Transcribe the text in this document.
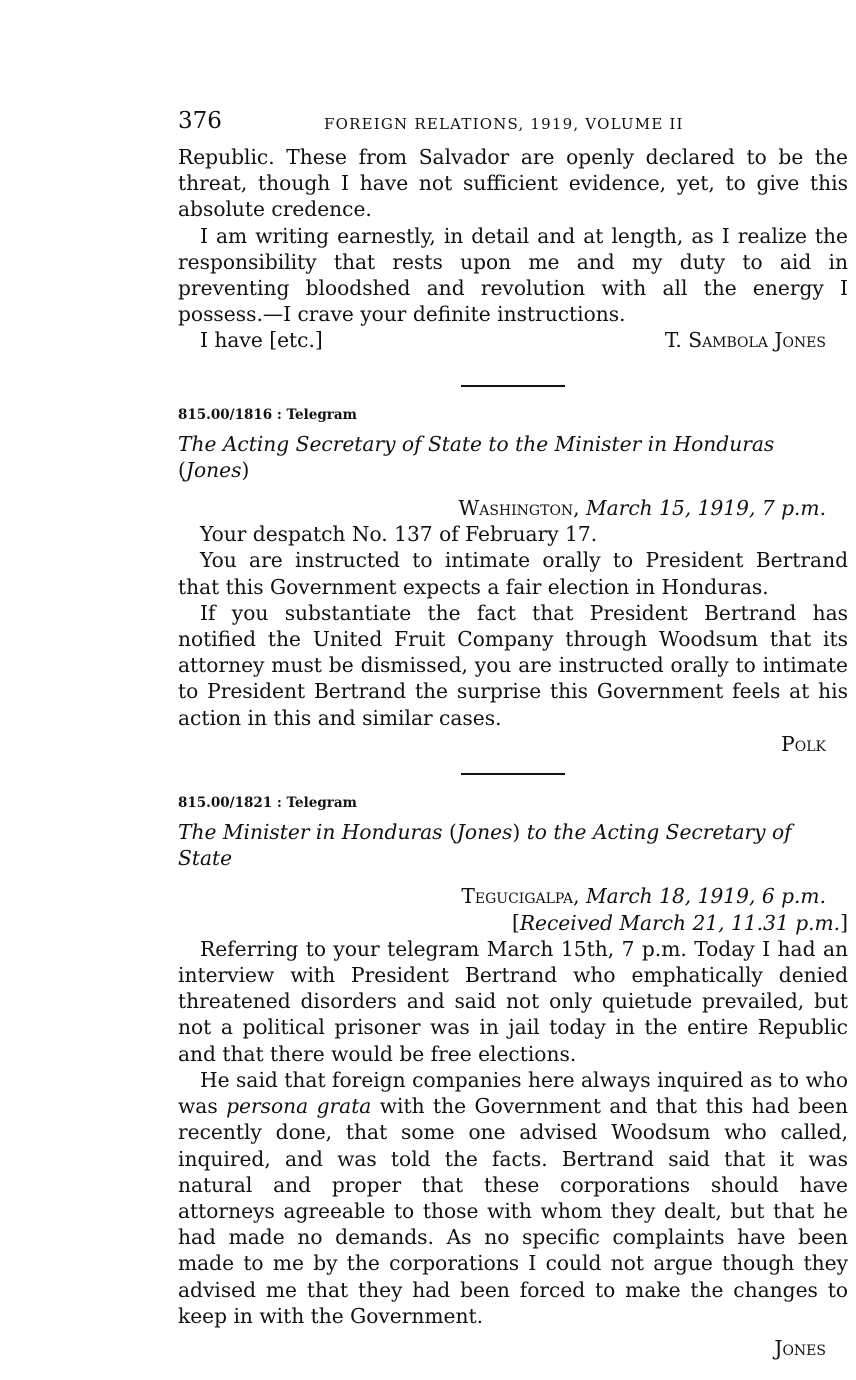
376	FOREIGN RELATIONS, 1919, VOLUME II

Republic. These from Salvador are openly declared to be the threat, though I have not sufficient evidence, yet, to give this absolute credence.

I am writing earnestly, in detail and at length, as I realize the responsibility that rests upon me and my duty to aid in preventing bloodshed and revolution with all the energy I possess.—I crave your definite instructions.

I have [etc.]	T. Sambola Jones
815.00/1816 : Telegram

The Acting Secretary of State to the Minister in Honduras (Jones)

Washington, March 15, 1919, 7 p.m.

Your despatch No. 137 of February 17.

You are instructed to intimate orally to President Bertrand that this Government expects a fair election in Honduras.

If you substantiate the fact that President Bertrand has notified the United Fruit Company through Woodsum that its attorney must be dismissed, you are instructed orally to intimate to President Bertrand the surprise this Government feels at his action in this and similar cases.

Polk

815.00/1821 : Telegram

The Minister in Honduras (Jones) to the Acting Secretary of State

Tegucigalpa, March 18, 1919, 6 p.m.

[Received March 21, 11.31 p.m.]

Referring to your telegram March 15th, 7 p.m. Today I had an interview with President Bertrand who emphatically denied threatened disorders and said not only quietude prevailed, but not a political prisoner was in jail today in the entire Republic and that there would be free elections.

He said that foreign companies here always inquired as to who was persona grata with the Government and that this had been recently done, that some one advised Woodsum who called, inquired, and was told the facts. Bertrand said that it was natural and proper that these corporations should have attorneys agreeable to those with whom they dealt, but that he had made no demands. As no specific complaints have been made to me by the corporations I could not argue though they advised me that they had been forced to make the changes to keep in with the Government.

Jones
